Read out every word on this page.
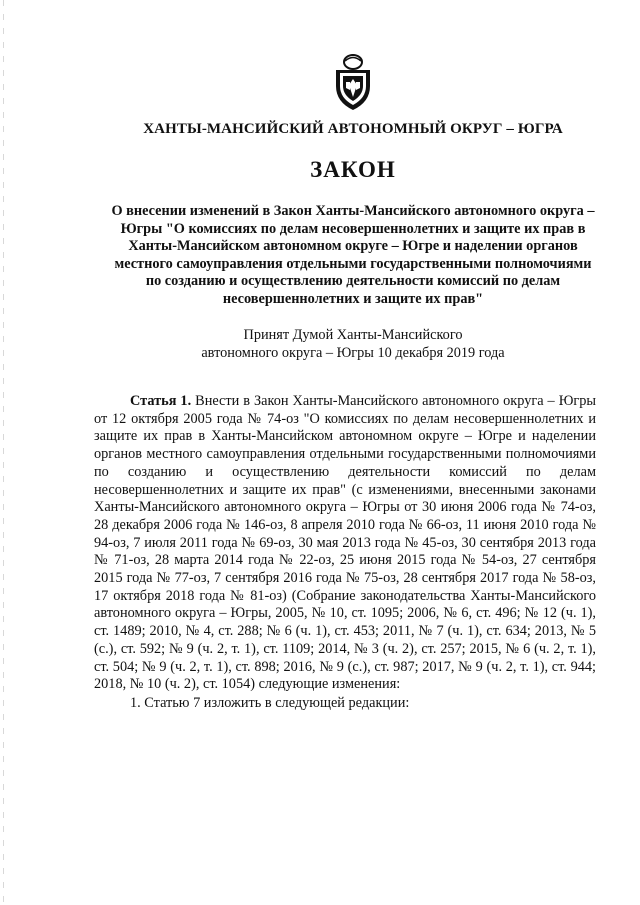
ХАНТЫ-МАНСИЙСКИЙ АВТОНОМНЫЙ ОКРУГ – ЮГРА
ЗАКОН
О внесении изменений в Закон Ханты-Мансийского автономного округа – Югры "О комиссиях по делам несовершеннолетних и защите их прав в Ханты-Мансийском автономном округе – Югре и наделении органов местного самоуправления отдельными государственными полномочиями по созданию и осуществлению деятельности комиссий по делам несовершеннолетних и защите их прав"
Принят Думой Ханты-Мансийского
автономного округа – Югры 10 декабря 2019 года

Статья 1. Внести в Закон Ханты-Мансийского автономного округа – Югры от 12 октября 2005 года № 74-оз "О комиссиях по делам несовершеннолетних и защите их прав в Ханты-Мансийском автономном округе – Югре и наделении органов местного самоуправления отдельными государственными полномочиями по созданию и осуществлению деятельности комиссий по делам несовершеннолетних и защите их прав" (с изменениями, внесенными законами Ханты-Мансийского автономного округа – Югры от 30 июня 2006 года № 74-оз, 28 декабря 2006 года № 146-оз, 8 апреля 2010 года № 66-оз, 11 июня 2010 года № 94-оз, 7 июля 2011 года № 69-оз, 30 мая 2013 года № 45-оз, 30 сентября 2013 года № 71-оз, 28 марта 2014 года № 22-оз, 25 июня 2015 года № 54-оз, 27 сентября 2015 года № 77-оз, 7 сентября 2016 года № 75-оз, 28 сентября 2017 года № 58-оз, 17 октября 2018 года № 81-оз) (Собрание законодательства Ханты-Мансийского автономного округа – Югры, 2005, № 10, ст. 1095; 2006, № 6, ст. 496; № 12 (ч. 1), ст. 1489; 2010, № 4, ст. 288; № 6 (ч. 1), ст. 453; 2011, № 7 (ч. 1), ст. 634; 2013, № 5 (с.), ст. 592; № 9 (ч. 2, т. 1), ст. 1109; 2014, № 3 (ч. 2), ст. 257; 2015, № 6 (ч. 2, т. 1), ст. 504; № 9 (ч. 2, т. 1), ст. 898; 2016, № 9 (с.), ст. 987; 2017, № 9 (ч. 2, т. 1), ст. 944; 2018, № 10 (ч. 2), ст. 1054) следующие изменения:

1. Статью 7 изложить в следующей редакции:
